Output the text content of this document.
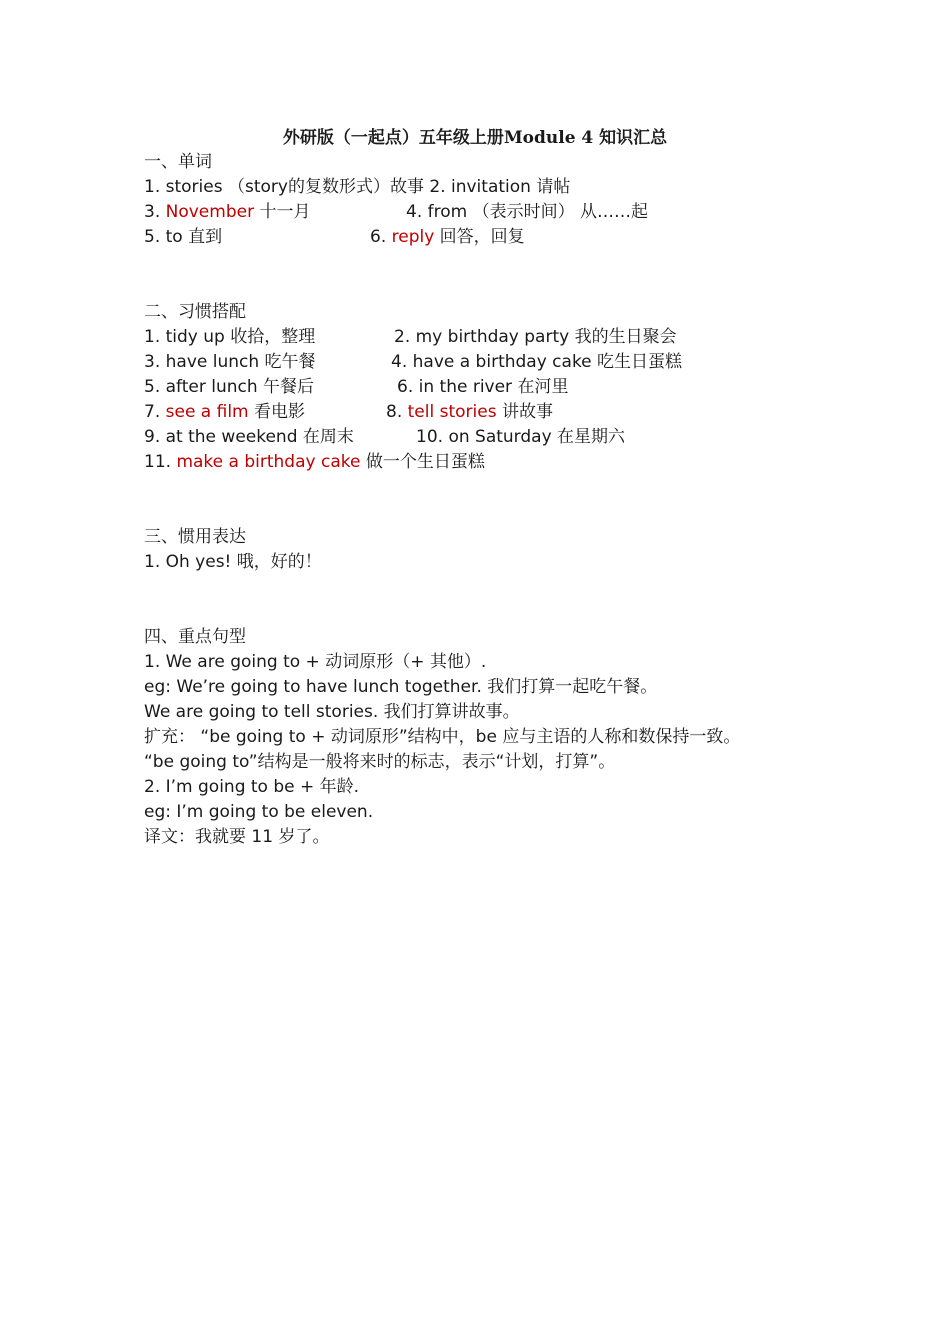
外研版（一起点）五年级上册Module 4 知识汇总
一、单词
1. stories （story的复数形式）故事 2. invitation 请帖
3. November 十一月	4. from （表示时间） 从……起
5. to 直到	6. reply 回答，回复
二、习惯搭配
1. tidy up 收拾，整理	2. my birthday party 我的生日聚会
3. have lunch 吃午餐	4. have a birthday cake 吃生日蛋糕
5. after lunch 午餐后	6. in the river 在河里
7. see a film 看电影	8. tell stories 讲故事
9. at the weekend 在周末	10. on Saturday 在星期六
11. make a birthday cake 做一个生日蛋糕
三、惯用表达
1. Oh yes! 哦，好的！
四、重点句型
1. We are going to + 动词原形（+ 其他）.
eg: We’re going to have lunch together. 我们打算一起吃午餐。
We are going to tell stories. 我们打算讲故事。
扩充： “be going to + 动词原形”结构中，be 应与主语的人称和数保持一致。
“be going to”结构是一般将来时的标志，表示“计划，打算”。
2. I’m going to be + 年龄.
eg: I’m going to be eleven.
译文：我就要 11 岁了。
